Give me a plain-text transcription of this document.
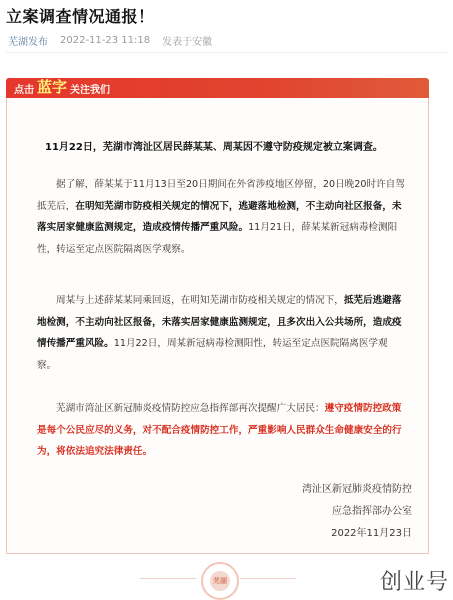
立案调查情况通报！
芜湖发布 2022-11-23 11:18 发表于安徽
点击 蓝字 关注我们
11月22日，芜湖市湾沚区居民薛某某、周某因不遵守防疫规定被立案调查。
据了解，薛某某于11月13日至20日期间在外省涉疫地区停留，20日晚20时许自驾抵芜后，在明知芜湖市防疫相关规定的情况下，逃避落地检测，不主动向社区报备，未落实居家健康监测规定，造成疫情传播严重风险。11月21日，薛某某新冠病毒检测阳性，转运至定点医院隔离医学观察。
周某与上述薛某某同乘回返，在明知芜湖市防疫相关规定的情况下，抵芜后逃避落地检测，不主动向社区报备，未落实居家健康监测规定，且多次出入公共场所，造成疫情传播严重风险。11月22日，周某新冠病毒检测阳性，转运至定点医院隔离医学观察。
芜湖市湾沚区新冠肺炎疫情防控应急指挥部再次提醒广大居民：遵守疫情防控政策是每个公民应尽的义务，对不配合疫情防控工作，严重影响人民群众生命健康安全的行为，将依法追究法律责任。
湾沚区新冠肺炎疫情防控
应急指挥部办公室
2022年11月23日
芜湖	创业号
